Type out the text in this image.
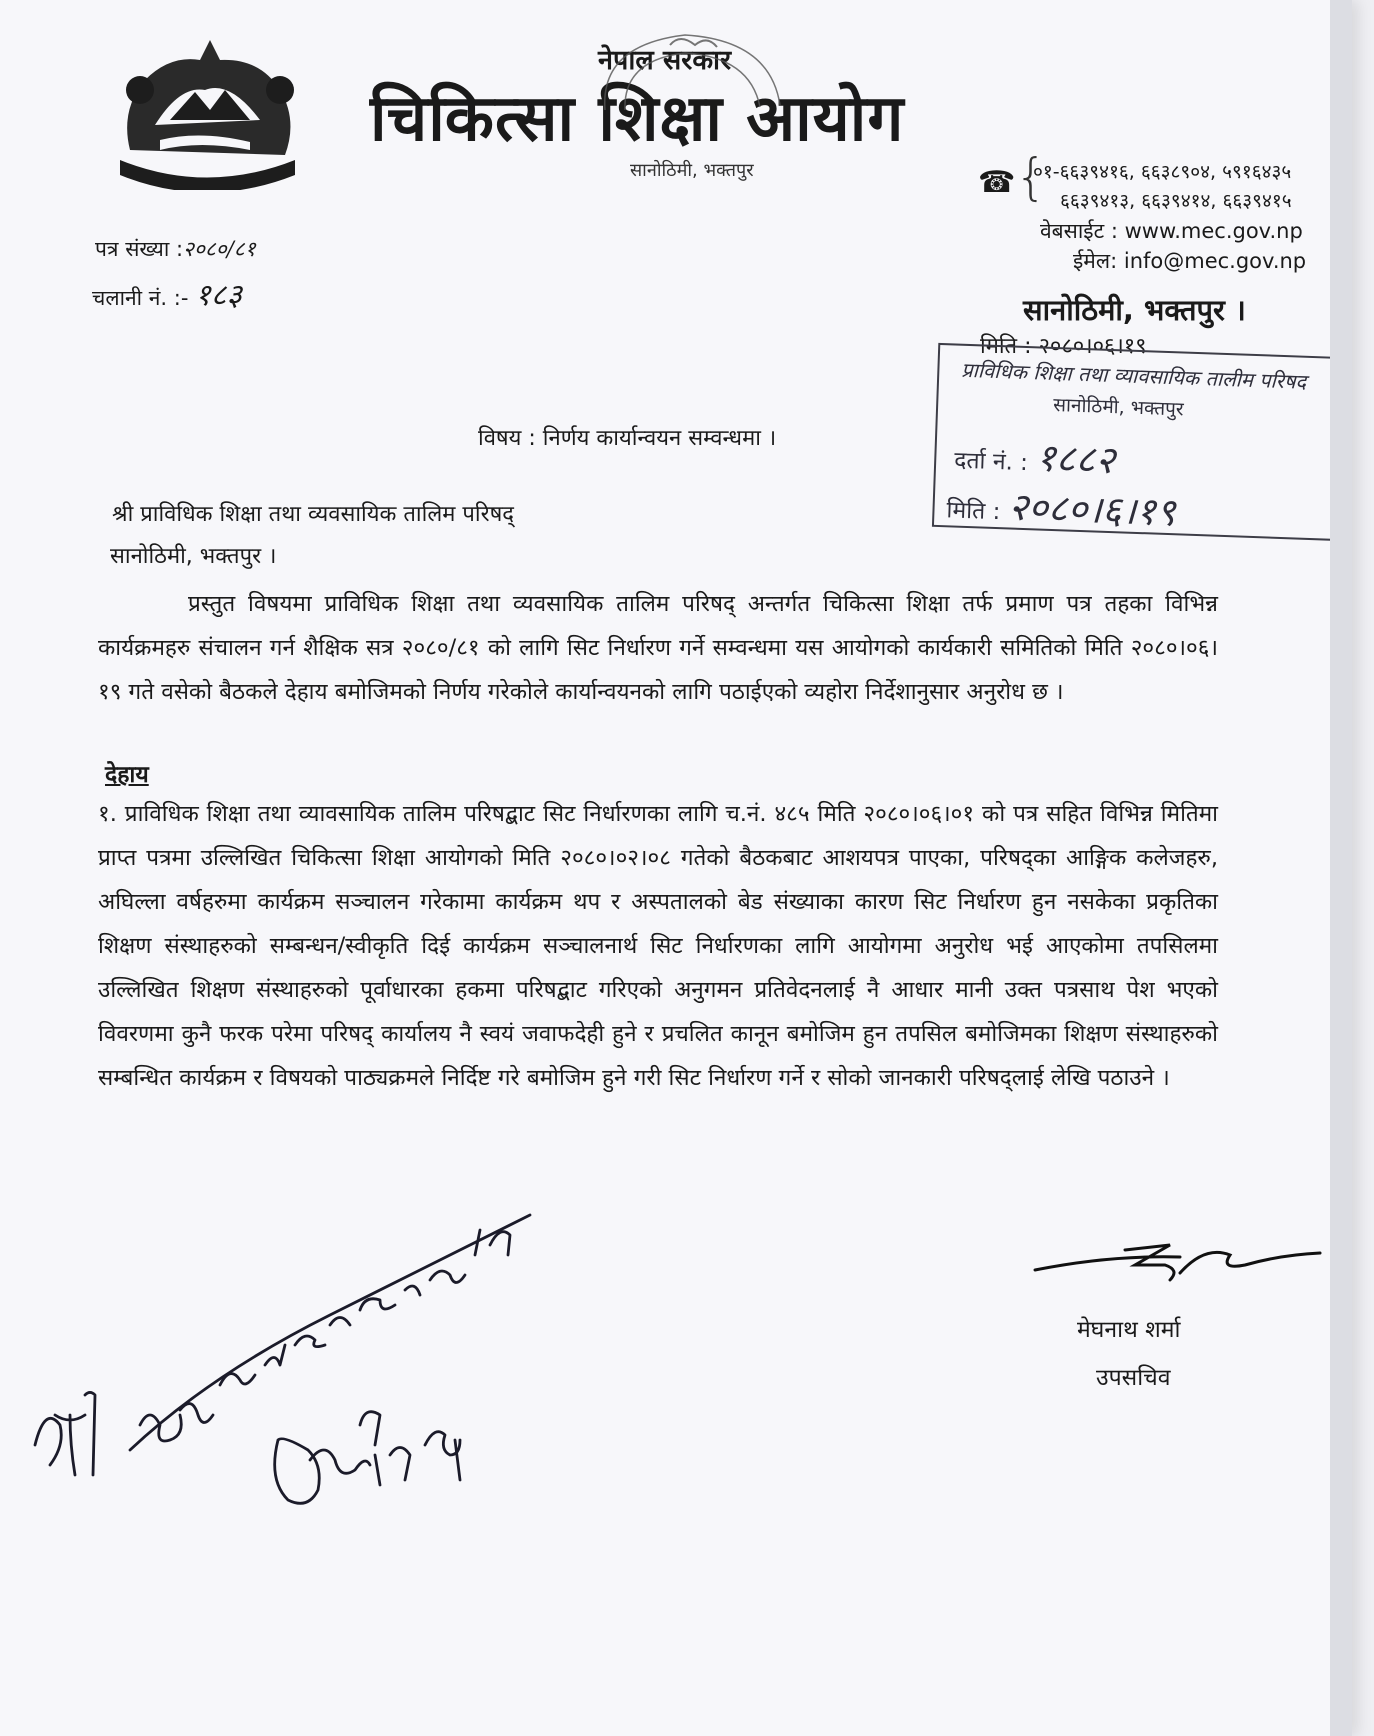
नेपाल सरकार
चिकित्सा शिक्षा आयोग
सानोठिमी, भक्तपुर	☎ {
०१-६६३९४१६, ६६३८९०४, ५९१६४३५
६६३९४१३, ६६३९४१४, ६६३९४१५
वेबसाईट : www.mec.gov.np
ईमेल: info@mec.gov.np
सानोठिमी, भक्तपुर ।
मिति : २०८०।०६।१९
पत्र संख्या :२०८०/८१
चलानी नं. :- १८३
प्राविधिक शिक्षा तथा व्यावसायिक तालीम परिषद
सानोठिमी, भक्तपुर
दर्ता नं. : १८८२
मिति : २०८०।६।१९
विषय : निर्णय कार्यान्वयन सम्वन्धमा ।
श्री प्राविधिक शिक्षा तथा व्यवसायिक तालिम परिषद्
सानोठिमी, भक्तपुर ।
प्रस्तुत विषयमा प्राविधिक शिक्षा तथा व्यवसायिक तालिम परिषद् अन्तर्गत चिकित्सा शिक्षा तर्फ प्रमाण पत्र तहका विभिन्न कार्यक्रमहरु संचालन गर्न शैक्षिक सत्र २०८०/८१ को लागि सिट निर्धारण गर्ने सम्वन्धमा यस आयोगको कार्यकारी समितिको मिति २०८०।०६।१९ गते वसेको बैठकले देहाय बमोजिमको निर्णय गरेकोले कार्यान्वयनको लागि पठाईएको व्यहोरा निर्देशानुसार अनुरोध छ ।
देहाय
१. प्राविधिक शिक्षा तथा व्यावसायिक तालिम परिषद्बाट सिट निर्धारणका लागि च.नं. ४८५ मिति २०८०।०६।०१ को पत्र सहित विभिन्न मितिमा प्राप्त पत्रमा उल्लिखित चिकित्सा शिक्षा आयोगको मिति २०८०।०२।०८ गतेको बैठकबाट आशयपत्र पाएका, परिषद्का आङ्गिक कलेजहरु, अघिल्ला वर्षहरुमा कार्यक्रम सञ्चालन गरेकामा कार्यक्रम थप र अस्पतालको बेड संख्याका कारण सिट निर्धारण हुन नसकेका प्रकृतिका शिक्षण संस्थाहरुको सम्बन्धन/स्वीकृति दिई कार्यक्रम सञ्चालनार्थ सिट निर्धारणका लागि आयोगमा अनुरोध भई आएकोमा तपसिलमा उल्लिखित शिक्षण संस्थाहरुको पूर्वाधारका हकमा परिषद्बाट गरिएको अनुगमन प्रतिवेदनलाई नै आधार मानी उक्त पत्रसाथ पेश भएको विवरणमा कुनै फरक परेमा परिषद् कार्यालय नै स्वयं जवाफदेही हुने र प्रचलित कानून बमोजिम हुन तपसिल बमोजिमका शिक्षण संस्थाहरुको सम्बन्धित कार्यक्रम र विषयको पाठ्यक्रमले निर्दिष्ट गरे बमोजिम हुने गरी सिट निर्धारण गर्ने र सोको जानकारी परिषद्लाई लेखि पठाउने ।
मेघनाथ शर्मा
उपसचिव
